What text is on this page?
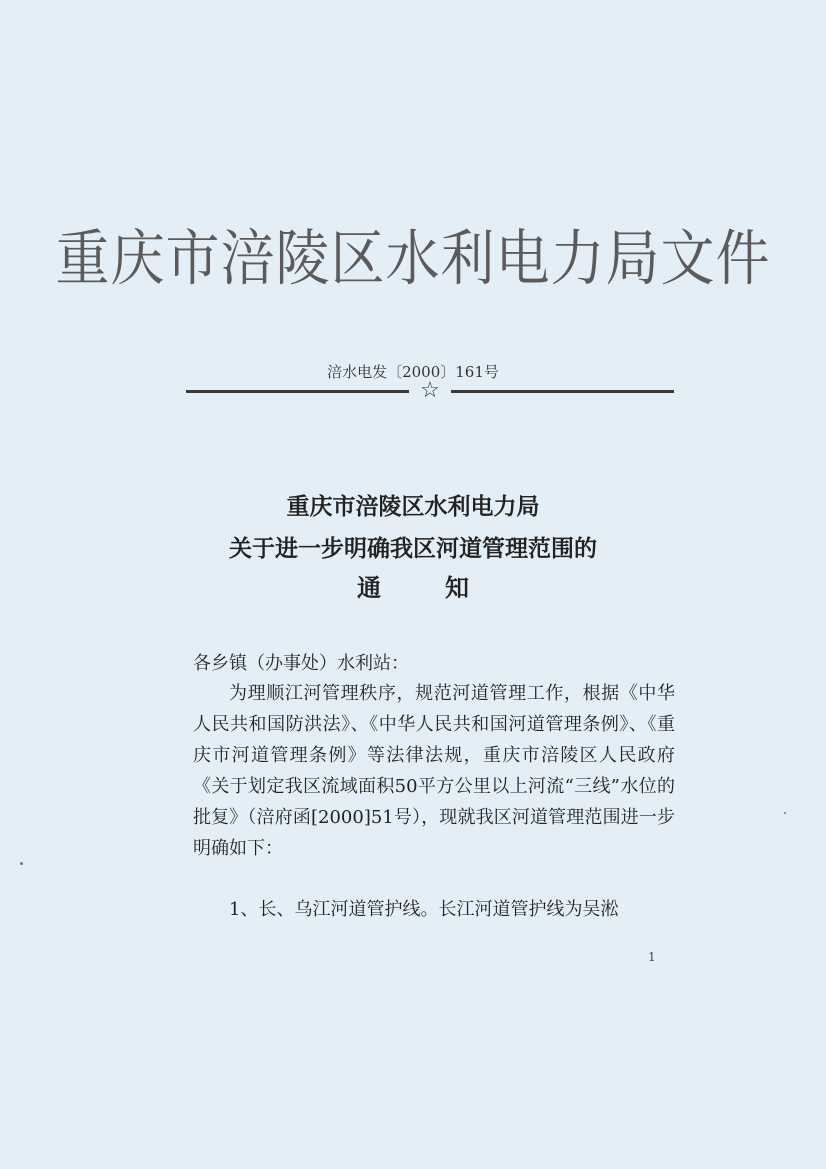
重庆市涪陵区水利电力局文件
涪水电发〔2000〕161号
☆
重庆市涪陵区水利电力局
关于进一步明确我区河道管理范围的
通	知
各乡镇（办事处）水利站：
为理顺江河管理秩序，规范河道管理工作，根据《中华人民共和国防洪法》、《中华人民共和国河道管理条例》、《重庆市河道管理条例》等法律法规，重庆市涪陵区人民政府《关于划定我区流域面积50平方公里以上河流“三线”水位的批复》（涪府函[2000]51号），现就我区河道管理范围进一步明确如下：
1、长、乌江河道管护线。长江河道管护线为吴淞
1
